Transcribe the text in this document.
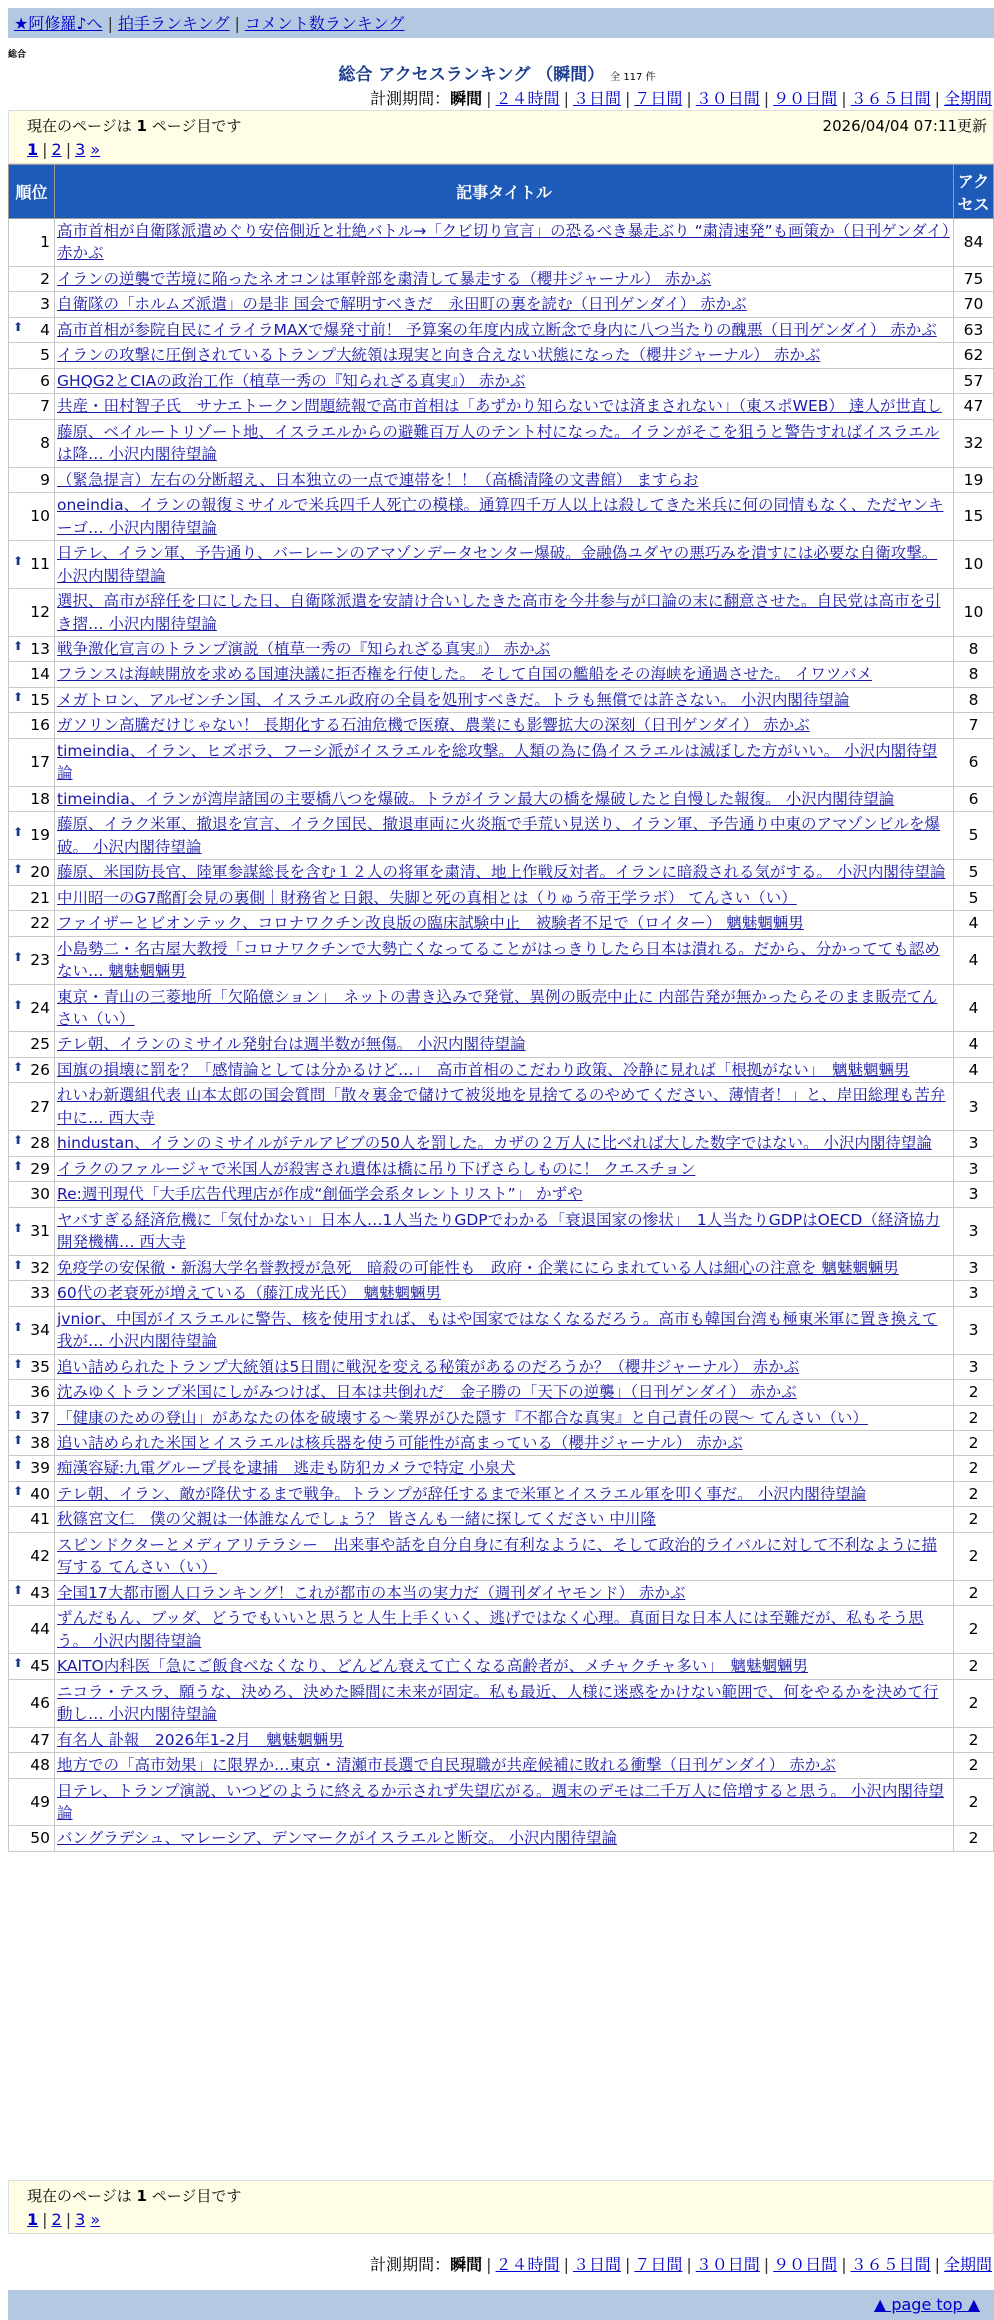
★阿修羅♪へ | 拍手ランキング | コメント数ランキング
総合
総合 アクセスランキング （瞬間） 全 117 件
計測期間：瞬間 | ２４時間 | ３日間 | ７日間 | ３０日間 | ９０日間 | ３６５日間 | 全期間
現在のページは 1 ページ目です	2026/04/04 07:11更新
1 | 2 | 3 »
順位	記事タイトル	アクセス
1	高市首相が自衛隊派遣めぐり安倍側近と壮絶バトル→「クビ切り宣言」の恐るべき暴走ぶり “粛清速発”も画策か（日刊ゲンダイ）赤かぶ	84
2	イランの逆襲で苦境に陥ったネオコンは軍幹部を粛清して暴走する（櫻井ジャーナル） 赤かぶ	75
3	自衛隊の「ホルムズ派遣」の是非 国会で解明すべきだ　永田町の裏を読む（日刊ゲンダイ） 赤かぶ	70

⬆ 4	高市首相が参院自民にイライラMAXで爆発寸前！ 予算案の年度内成立断念で身内に八つ当たりの醜悪（日刊ゲンダイ） 赤かぶ	63
5	イランの攻撃に圧倒されているトランプ大統領は現実と向き合えない状態になった（櫻井ジャーナル） 赤かぶ	62
6	GHQG2とCIAの政治工作（植草一秀の『知られざる真実』） 赤かぶ	57
7	共産・田村智子氏　サナエトークン問題続報で高市首相は「あずかり知らないでは済まされない」（東スポWEB） 達人が世直し	47
8	藤原、ベイルートリゾート地、イスラエルからの避難百万人のテント村になった。イランがそこを狙うと警告すればイスラエルは降… 小沢内閣待望論	32
9	（緊急提言）左右の分断超え、日本独立の一点で連帯を！！（高橋清隆の文書館） ますらお	19
10	oneindia、イランの報復ミサイルで米兵四千人死亡の模様。通算四千万人以上は殺してきた米兵に何の同情もなく、ただヤンキーゴ… 小沢内閣待望論	15

⬆ 11	日テレ、イラン軍、予告通り、バーレーンのアマゾンデータセンター爆破。金融偽ユダヤの悪巧みを潰すには必要な自衛攻撃。 小沢内閣待望論	10
12	選択、高市が辞任を口にした日、自衛隊派遣を安請け合いしたきた高市を今井参与が口論の末に翻意させた。自民党は高市を引き摺… 小沢内閣待望論	10

⬆ 13	戦争激化宣言のトランプ演説（植草一秀の『知られざる真実』） 赤かぶ	8
14	フランスは海峡開放を求める国連決議に拒否権を行使した。 そして自国の艦船をその海峡を通過させた。 イワツバメ	8

⬆ 15	メガトロン、アルゼンチン国、イスラエル政府の全員を処刑すべきだ。トラも無償では許さない。 小沢内閣待望論	8
16	ガソリン高騰だけじゃない！ 長期化する石油危機で医療、農業にも影響拡大の深刻（日刊ゲンダイ） 赤かぶ	7
17	timeindia、イラン、ヒズボラ、フーシ派がイスラエルを総攻撃。人類の為に偽イスラエルは滅ぼした方がいい。 小沢内閣待望論	6
18	timeindia、イランが湾岸諸国の主要橋八つを爆破。トラがイラン最大の橋を爆破したと自慢した報復。 小沢内閣待望論	6

⬆ 19	藤原、イラク米軍、撤退を宣言、イラク国民、撤退車両に火炎瓶で手荒い見送り、イラン軍、予告通り中東のアマゾンビルを爆破。 小沢内閣待望論	5

⬆ 20	藤原、米国防長官、陸軍参謀総長を含む１２人の将軍を粛清、地上作戦反対者。イランに暗殺される気がする。 小沢内閣待望論	5
21	中川昭一のG7酩酊会見の裏側｜財務省と日銀、失脚と死の真相とは（りゅう帝王学ラボ） てんさい（い）	5
22	ファイザーとビオンテック、コロナワクチン改良版の臨床試験中止　被験者不足で（ロイター） 魑魅魍魎男	4

⬆ 23	小島勢二・名古屋大教授「コロナワクチンで大勢亡くなってることがはっきりしたら日本は潰れる。だから、分かってても認めない… 魑魅魍魎男	4

⬆ 24	東京・青山の三菱地所「欠陥億ション」　ネットの書き込みで発覚、異例の販売中止に 内部告発が無かったらそのまま販売てんさい（い）	4
25	テレ朝、イランのミサイル発射台は週半数が無傷。 小沢内閣待望論	4

⬆ 26	国旗の損壊に罰を？「感情論としては分かるけど…」　高市首相のこだわり政策、冷静に見れば「根拠がない」　魑魅魍魎男	4
27	れいわ新選組代表 山本太郎の国会質問「散々裏金で儲けて被災地を見捨てるのやめてください、薄情者！」と、岸田総理も苦弁中に… 西大寺	3

⬆ 28	hindustan、イランのミサイルがテルアビブの50人を罰した。カザの２万人に比べれば大した数字ではない。 小沢内閣待望論	3

⬆ 29	イラクのファルージャで米国人が殺害され遺体は橋に吊り下げさらしものに！ クエスチョン	3
30	Re:週刊現代「大手広告代理店が作成“創価学会系タレントリスト”」 かずや	3

⬆ 31	ヤバすぎる経済危機に「気付かない」日本人…1人当たりGDPでわかる「衰退国家の惨状」　1人当たりGDPはOECD（経済協力開発機構… 西大寺	3

⬆ 32	免疫学の安保徹・新潟大学名誉教授が急死　暗殺の可能性も　政府・企業ににらまれている人は細心の注意を 魑魅魍魎男	3
33	60代の老衰死が増えている（藤江成光氏）　魑魅魍魎男	3

⬆ 34	jvnior、中国がイスラエルに警告、核を使用すれば、もはや国家ではなくなるだろう。高市も韓国台湾も極東米軍に置き換えて我が… 小沢内閣待望論	3

⬆ 35	追い詰められたトランプ大統領は5日間に戦況を変える秘策があるのだろうか？（櫻井ジャーナル） 赤かぶ	3
36	沈みゆくトランプ米国にしがみつけば、日本は共倒れだ　金子勝の「天下の逆襲」（日刊ゲンダイ） 赤かぶ	2

⬆ 37	「健康のための登山」があなたの体を破壊する～業界がひた隠す『不都合な真実』と自己責任の罠～ てんさい（い）	2

⬆ 38	追い詰められた米国とイスラエルは核兵器を使う可能性が高まっている（櫻井ジャーナル） 赤かぶ	2

⬆ 39	痴漢容疑:九電グループ長を逮捕　逃走も防犯カメラで特定 小泉犬	2

⬆ 40	テレ朝、イラン、敵が降伏するまで戦争。トランプが辞任するまで米軍とイスラエル軍を叩く事だ。 小沢内閣待望論	2
41	秋篠宮文仁　僕の父親は一体誰なんでしょう？ 皆さんも一緒に探してください 中川隆	2
42	スピンドクターとメディアリテラシー　出来事や話を自分自身に有利なように、そして政治的ライバルに対して不利なように描写する てんさい（い）	2

⬆ 43	全国17大都市圏人口ランキング！これが都市の本当の実力だ（週刊ダイヤモンド） 赤かぶ	2
44	ずんだもん、ブッダ、どうでもいいと思うと人生上手くいく、逃げではなく心理。真面目な日本人には至難だが、私もそう思う。 小沢内閣待望論	2

⬆ 45	KAITO内科医「急にご飯食べなくなり、どんどん衰えて亡くなる高齢者が、メチャクチャ多い」　魑魅魍魎男	2
46	ニコラ・テスラ、願うな、決めろ、決めた瞬間に未来が固定。私も最近、人様に迷惑をかけない範囲で、何をやるかを決めて行動し… 小沢内閣待望論	2
47	有名人 訃報　2026年1-2月　魑魅魍魎男	2
48	地方での「高市効果」に限界か…東京・清瀬市長選で自民現職が共産候補に敗れる衝撃（日刊ゲンダイ） 赤かぶ	2
49	日テレ、トランプ演説、いつどのように終えるか示されず失望広がる。週末のデモは二千万人に倍増すると思う。 小沢内閣待望論	2
50	バングラデシュ、マレーシア、デンマークがイスラエルと断交。 小沢内閣待望論	2
現在のページは 1 ページ目です
1 | 2 | 3 »
計測期間：瞬間 | ２４時間 | ３日間 | ７日間 | ３０日間 | ９０日間 | ３６５日間 | 全期間
▲ page top ▲
